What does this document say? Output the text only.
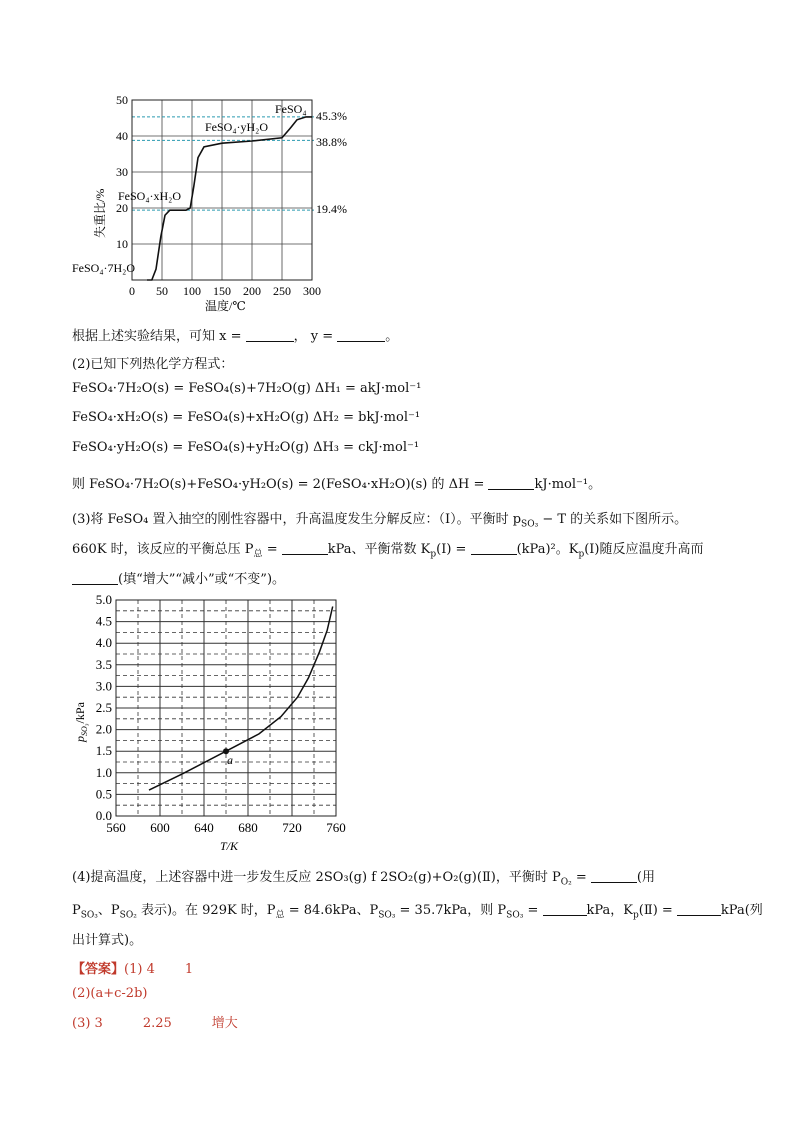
0 50 100 150 200 250 300
10
20
30
40
50
失重比/%
温度/℃
FeSO₄
FeSO₄·yH₂O
FeSO₄·xH₂O
FeSO₄·7H₂O
45.3%
38.8%
19.4%
根据上述实验结果，可知 x =	， y =	。
(2)已知下列热化学方程式：
FeSO₄·7H₂O(s) = FeSO₄(s)+7H₂O(g) ΔH₁ = akJ·mol⁻¹
FeSO₄·xH₂O(s) = FeSO₄(s)+xH₂O(g) ΔH₂ = bkJ·mol⁻¹
FeSO₄·yH₂O(s) = FeSO₄(s)+yH₂O(g) ΔH₃ = ckJ·mol⁻¹
则 FeSO₄·7H₂O(s)+FeSO₄·yH₂O(s) = 2(FeSO₄·xH₂O)(s) 的 ΔH =	kJ·mol⁻¹。
(3)将 FeSO₄ 置入抽空的刚性容器中，升高温度发生分解反应：（Ⅰ）。平衡时 $p_{SO_3} - T$ 的关系如下图所示。
660K 时，该反应的平衡总压 $P_总$ =	kPa、平衡常数 $K_p(Ⅰ)$ =	(kPa)²。$K_p(Ⅰ)$随反应温度升高而
(填“增大”“减小”或“不变”)。
a
560 600 640 680 720 760
0.0
0.5
1.0
1.5
2.0
2.5
3.0
3.5
4.0
4.5
5.0
$p_{SO_3}$/kPa
T/K
(4)提高温度，上述容器中进一步发生反应 2SO₃(g) f 2SO₂(g)+O₂(g)(Ⅱ)，平衡时 $P_{O_2}$ =	(用
$P_{SO_3}$、$P_{SO_2}$ 表示)。在 929K 时，$P_总 = 84.6kPa$、$P_{SO_3} = 35.7kPa$，则 $P_{SO_3}$ =	kPa，$K_p(Ⅱ)$ =	kPa(列
出计算式)。
【答案】(1) 4 1
(2)(a+c-2b)
(3) 3	2.25	增大
